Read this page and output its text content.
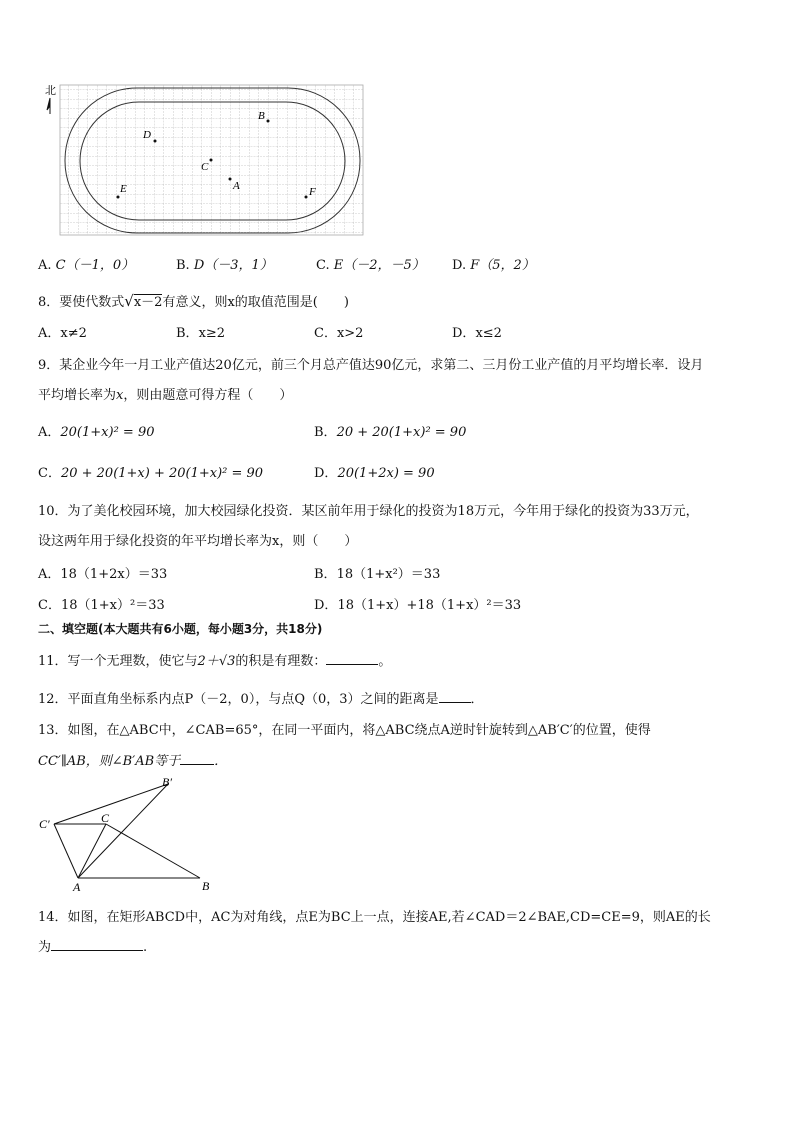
北
B
D
C
A
E	F
A. C（－1，0）	B. D（－3，1）	C. E（－2，－5） D. F（5，2）
8．要使代数式√x－2有意义，则x的取值范围是(　　)
A．x≠2	B．x≥2	C．x>2	D．x≤2
9．某企业今年一月工业产值达20亿元，前三个月总产值达90亿元，求第二、三月份工业产值的月平均增长率．设月
平均增长率为x，则由题意可得方程（　　）
A．20(1+x)² = 90	B．20 + 20(1+x)² = 90
C．20 + 20(1+x) + 20(1+x)² = 90	D．20(1+2x) = 90
10．为了美化校园环境，加大校园绿化投资．某区前年用于绿化的投资为18万元，今年用于绿化的投资为33万元，
设这两年用于绿化投资的年平均增长率为x，则（　　）
A．18（1+2x）＝33	B．18（1+x²）＝33
C．18（1+x）²＝33	D．18（1+x）+18（1+x）²＝33
二、填空题(本大题共有6小题，每小题3分，共18分)
11．写一个无理数，使它与2＋√3的积是有理数：	。
12．平面直角坐标系内点P（－2，0），与点Q（0，3）之间的距离是 ．
13．如图，在△ABC中，∠CAB=65°，在同一平面内，将△ABC绕点A逆时针旋转到△AB′C′的位置，使得
CC′∥AB，则∠B′AB等于	．
B′
C′	C
A	B
14．如图，在矩形ABCD中，AC为对角线，点E为BC上一点，连接AE,若∠CAD＝2∠BAE,CD=CE=9，则AE的长
为	.
